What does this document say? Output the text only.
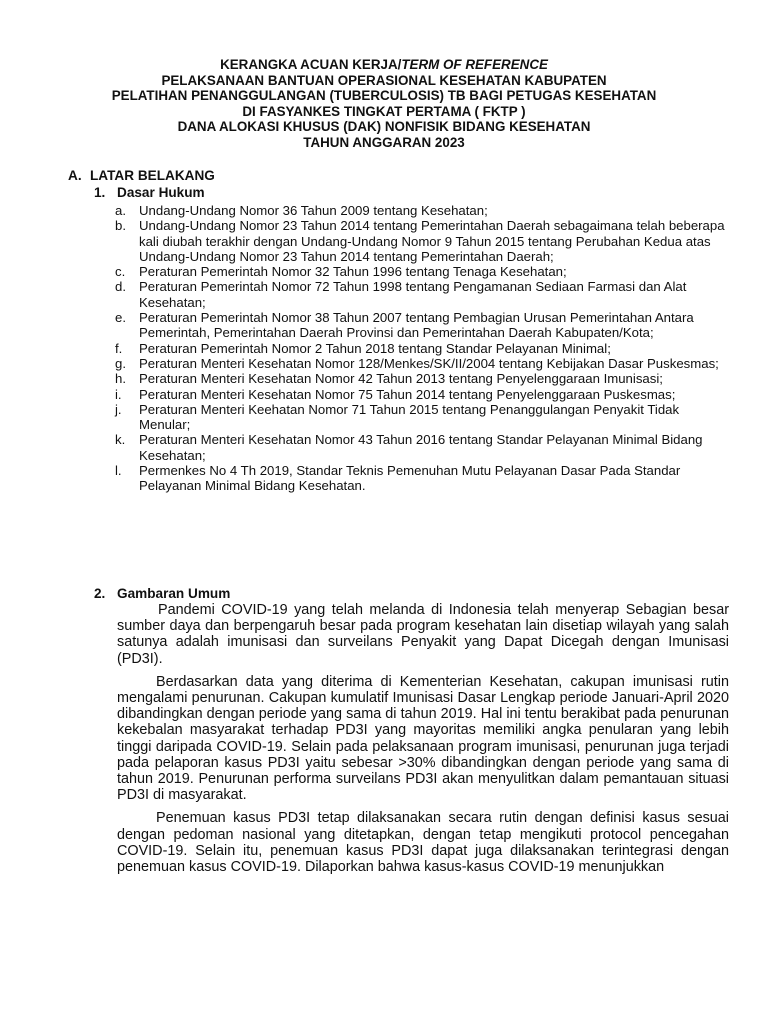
KERANGKA ACUAN KERJA/TERM OF REFERENCE
PELAKSANAAN BANTUAN OPERASIONAL KESEHATAN KABUPATEN
PELATIHAN PENANGGULANGAN (TUBERCULOSIS) TB BAGI PETUGAS KESEHATAN
DI FASYANKES TINGKAT PERTAMA ( FKTP )
DANA ALOKASI KHUSUS (DAK) NONFISIK BIDANG KESEHATAN
TAHUN ANGGARAN 2023
A. LATAR BELAKANG
1. Dasar Hukum
a. Undang-Undang Nomor 36 Tahun 2009 tentang Kesehatan;
b. Undang-Undang Nomor 23 Tahun 2014 tentang Pemerintahan Daerah sebagaimana telah beberapa kali diubah terakhir dengan Undang-Undang Nomor 9 Tahun 2015 tentang Perubahan Kedua atas Undang-Undang Nomor 23 Tahun 2014 tentang Pemerintahan Daerah;
c. Peraturan Pemerintah Nomor 32 Tahun 1996 tentang Tenaga Kesehatan;
d. Peraturan Pemerintah Nomor 72 Tahun 1998 tentang Pengamanan Sediaan Farmasi dan Alat Kesehatan;
e. Peraturan Pemerintah Nomor 38 Tahun 2007 tentang Pembagian Urusan Pemerintahan Antara Pemerintah, Pemerintahan Daerah Provinsi dan Pemerintahan Daerah Kabupaten/Kota;
f. Peraturan Pemerintah Nomor 2 Tahun 2018 tentang Standar Pelayanan Minimal;
g. Peraturan Menteri Kesehatan Nomor 128/Menkes/SK/II/2004 tentang Kebijakan Dasar Puskesmas;
h. Peraturan Menteri Kesehatan Nomor 42 Tahun 2013 tentang Penyelenggaraan Imunisasi;
i. Peraturan Menteri Kesehatan Nomor 75 Tahun 2014 tentang Penyelenggaraan Puskesmas;
j. Peraturan Menteri Keehatan Nomor 71 Tahun 2015 tentang Penanggulangan Penyakit Tidak Menular;
k. Peraturan Menteri Kesehatan Nomor 43 Tahun 2016 tentang Standar Pelayanan Minimal Bidang Kesehatan;
l. Permenkes No 4 Th 2019, Standar Teknis Pemenuhan Mutu Pelayanan Dasar Pada Standar Pelayanan Minimal Bidang Kesehatan.
2. Gambaran Umum

Pandemi COVID-19 yang telah melanda di Indonesia telah menyerap Sebagian besar sumber daya dan berpengaruh besar pada program kesehatan lain disetiap wilayah yang salah satunya adalah imunisasi dan surveilans Penyakit yang Dapat Dicegah dengan Imunisasi (PD3I).

Berdasarkan data yang diterima di Kementerian Kesehatan, cakupan imunisasi rutin mengalami penurunan. Cakupan kumulatif Imunisasi Dasar Lengkap periode Januari-April 2020 dibandingkan dengan periode yang sama di tahun 2019. Hal ini tentu berakibat pada penurunan kekebalan masyarakat terhadap PD3I yang mayoritas memiliki angka penularan yang lebih tinggi daripada COVID-19. Selain pada pelaksanaan program imunisasi, penurunan juga terjadi pada pelaporan kasus PD3I yaitu sebesar >30% dibandingkan dengan periode yang sama di tahun 2019. Penurunan performa surveilans PD3I akan menyulitkan dalam pemantauan situasi PD3I di masyarakat.

Penemuan kasus PD3I tetap dilaksanakan secara rutin dengan definisi kasus sesuai dengan pedoman nasional yang ditetapkan, dengan tetap mengikuti protocol pencegahan COVID-19. Selain itu, penemuan kasus PD3I dapat juga dilaksanakan terintegrasi dengan penemuan kasus COVID-19. Dilaporkan bahwa kasus-kasus COVID-19 menunjukkan
